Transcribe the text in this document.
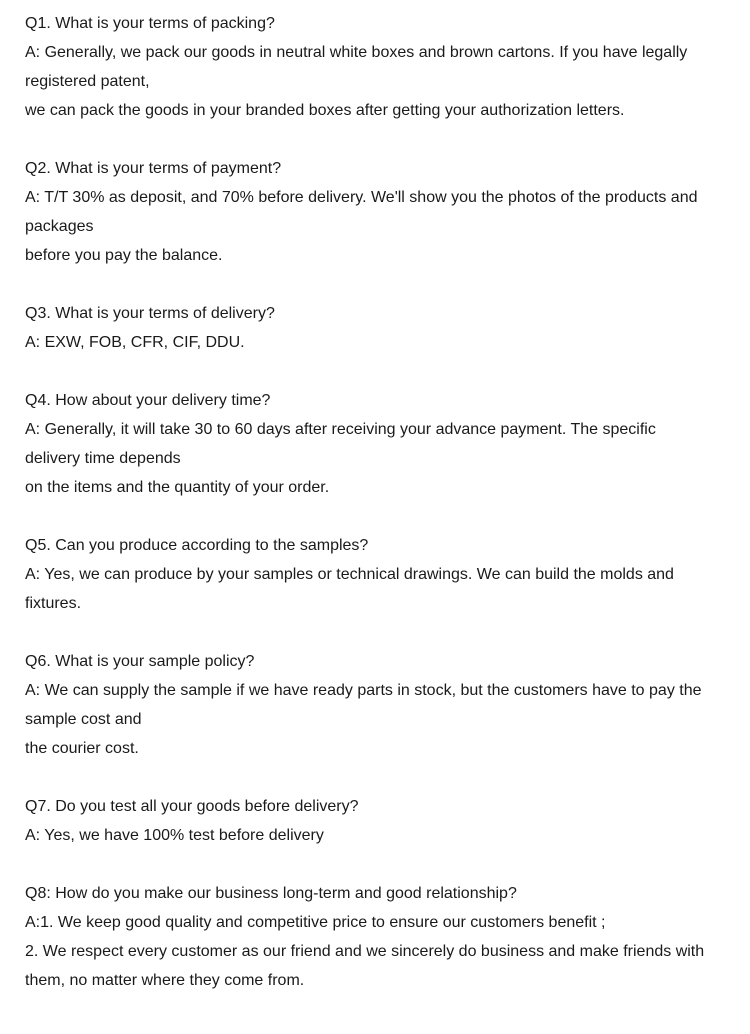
Q1. What is your terms of packing?
A: Generally, we pack our goods in neutral white boxes and brown cartons. If you have legally
registered patent,
we can pack the goods in your branded boxes after getting your authorization letters.
Q2. What is your terms of payment?
A: T/T 30% as deposit, and 70% before delivery. We'll show you the photos of the products and
packages
before you pay the balance.
Q3. What is your terms of delivery?
A: EXW, FOB, CFR, CIF, DDU.
Q4. How about your delivery time?
A: Generally, it will take 30 to 60 days after receiving your advance payment. The specific
delivery time depends
on the items and the quantity of your order.
Q5. Can you produce according to the samples?
A: Yes, we can produce by your samples or technical drawings. We can build the molds and
fixtures.
Q6. What is your sample policy?
A: We can supply the sample if we have ready parts in stock, but the customers have to pay the
sample cost and
the courier cost.
Q7. Do you test all your goods before delivery?
A: Yes, we have 100% test before delivery
Q8: How do you make our business long-term and good relationship?
A:1. We keep good quality and competitive price to ensure our customers benefit ;
2. We respect every customer as our friend and we sincerely do business and make friends with
them, no matter where they come from.
